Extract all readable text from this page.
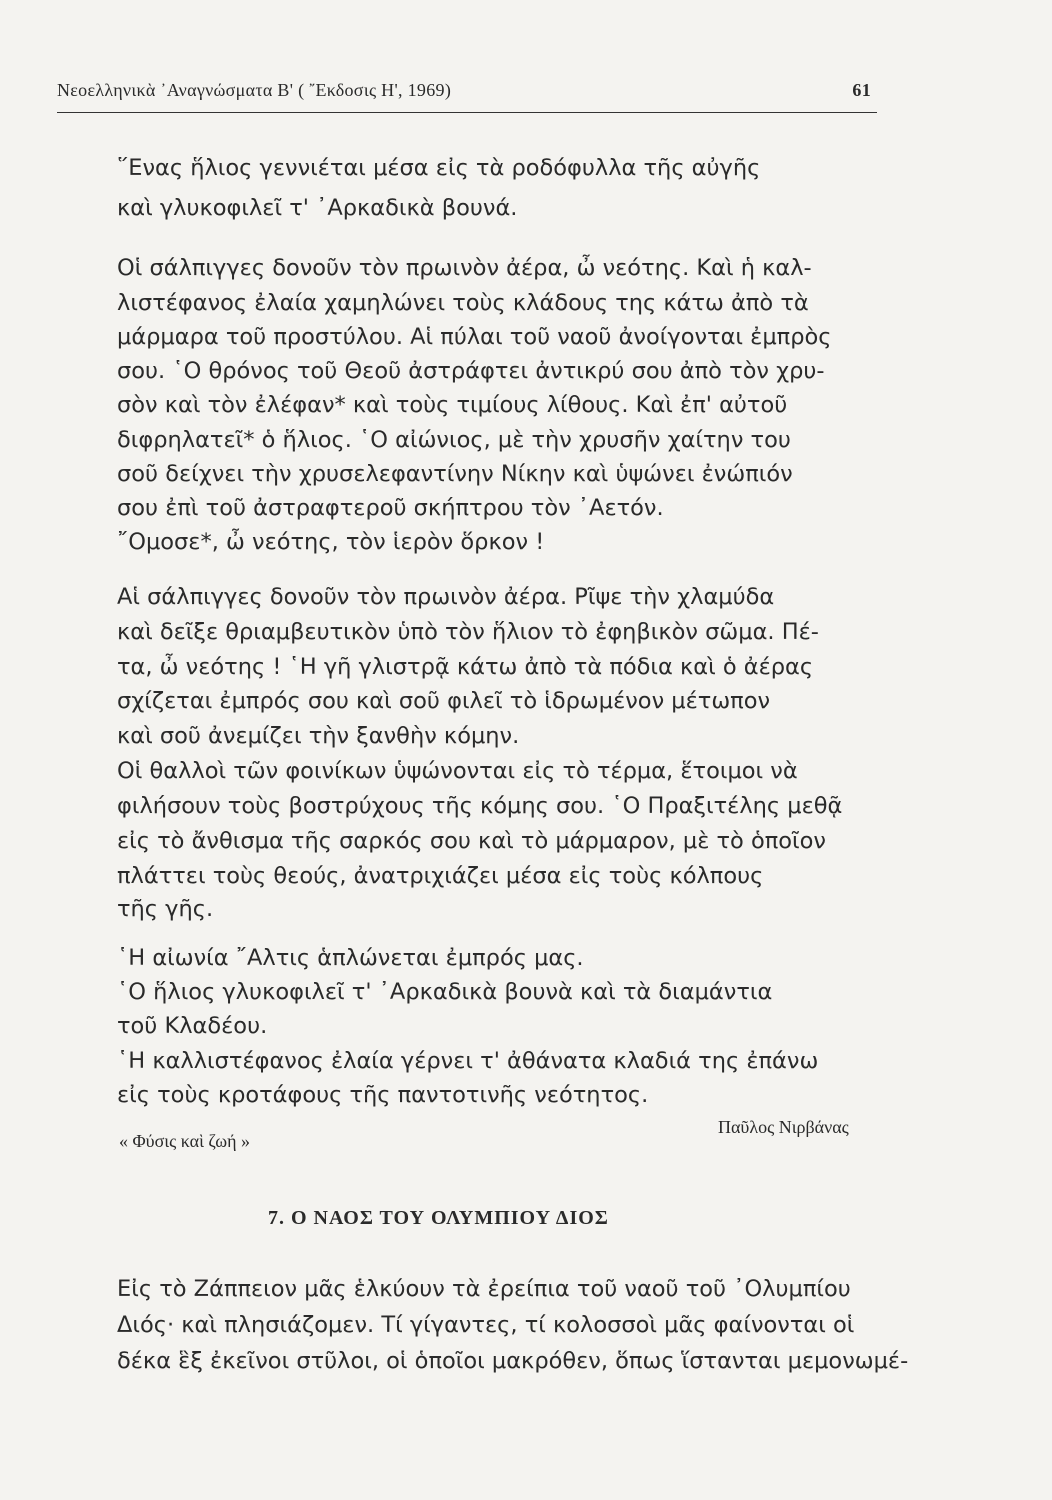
Νεοελληνικὰ ᾿Αναγνώσματα Β' ( ῎Εκδοσις Η', 1969)	61
῞Ενας ἥλιος γεννιέται μέσα εἰς τὰ ροδόφυλλα τῆς αὐγῆς
καὶ γλυκοφιλεῖ τ' ᾿Αρκαδικὰ βουνά.
Οἱ σάλπιγγες δονοῦν τὸν πρωινὸν ἀέρα, ὦ νεότης. Καὶ ἡ καλ-
λιστέφανος ἐλαία χαμηλώνει τοὺς κλάδους της κάτω ἀπὸ τὰ
μάρμαρα τοῦ προστύλου. Αἱ πύλαι τοῦ ναοῦ ἀνοίγονται ἐμπρὸς
σου. ῾Ο θρόνος τοῦ Θεοῦ ἀστράφτει ἀντικρύ σου ἀπὸ τὸν χρυ-
σὸν καὶ τὸν ἐλέφαν* καὶ τοὺς τιμίους λίθους. Καὶ ἐπ' αὐτοῦ
διφρηλατεῖ* ὁ ἥλιος. ῾Ο αἰώνιος, μὲ τὴν χρυσῆν χαίτην του
σοῦ δείχνει τὴν χρυσελεφαντίνην Νίκην καὶ ὑψώνει ἐνώπιόν
σου ἐπὶ τοῦ ἀστραφτεροῦ σκήπτρου τὸν ᾿Αετόν.
῎Ομοσε*, ὦ νεότης, τὸν ἱερὸν ὅρκον !
Αἱ σάλπιγγες δονοῦν τὸν πρωινὸν ἀέρα. Ρῖψε τὴν χλαμύδα
καὶ δεῖξε θριαμβευτικὸν ὑπὸ τὸν ἥλιον τὸ ἐφηβικὸν σῶμα. Πέ-
τα, ὦ νεότης ! ῾Η γῆ γλιστρᾷ κάτω ἀπὸ τὰ πόδια καὶ ὁ ἀέρας
σχίζεται ἐμπρός σου καὶ σοῦ φιλεῖ τὸ ἱδρωμένον μέτωπον
καὶ σοῦ ἀνεμίζει τὴν ξανθὴν κόμην.
Οἱ θαλλοὶ τῶν φοινίκων ὑψώνονται εἰς τὸ τέρμα, ἕτοιμοι νὰ
φιλήσουν τοὺς βοστρύχους τῆς κόμης σου. ῾Ο Πραξιτέλης μεθᾷ
εἰς τὸ ἄνθισμα τῆς σαρκός σου καὶ τὸ μάρμαρον, μὲ τὸ ὁποῖον
πλάττει τοὺς θεούς, ἀνατριχιάζει μέσα εἰς τοὺς κόλπους
τῆς γῆς.
῾Η αἰωνία ῎Αλτις ἁπλώνεται ἐμπρός μας.
῾Ο ἥλιος γλυκοφιλεῖ τ' ᾿Αρκαδικὰ βουνὰ καὶ τὰ διαμάντια
τοῦ Κλαδέου.
῾Η καλλιστέφανος ἐλαία γέρνει τ' ἀθάνατα κλαδιά της ἐπάνω
εἰς τοὺς κροτάφους τῆς παντοτινῆς νεότητος.
« Φύσις καὶ ζωή »
Παῦλος Νιρβάνας
7. Ο ΝΑΟΣ ΤΟΥ ΟΛΥΜΠΙΟΥ ΔΙΟΣ
Εἰς τὸ Ζάππειον μᾶς ἑλκύουν τὰ ἐρείπια τοῦ ναοῦ τοῦ ᾿Ολυμπίου
Διός· καὶ πλησιάζομεν. Τί γίγαντες, τί κολοσσοὶ μᾶς φαίνονται οἱ
δέκα ἓξ ἐκεῖνοι στῦλοι, οἱ ὁποῖοι μακρόθεν, ὅπως ἵστανται μεμονωμέ-
